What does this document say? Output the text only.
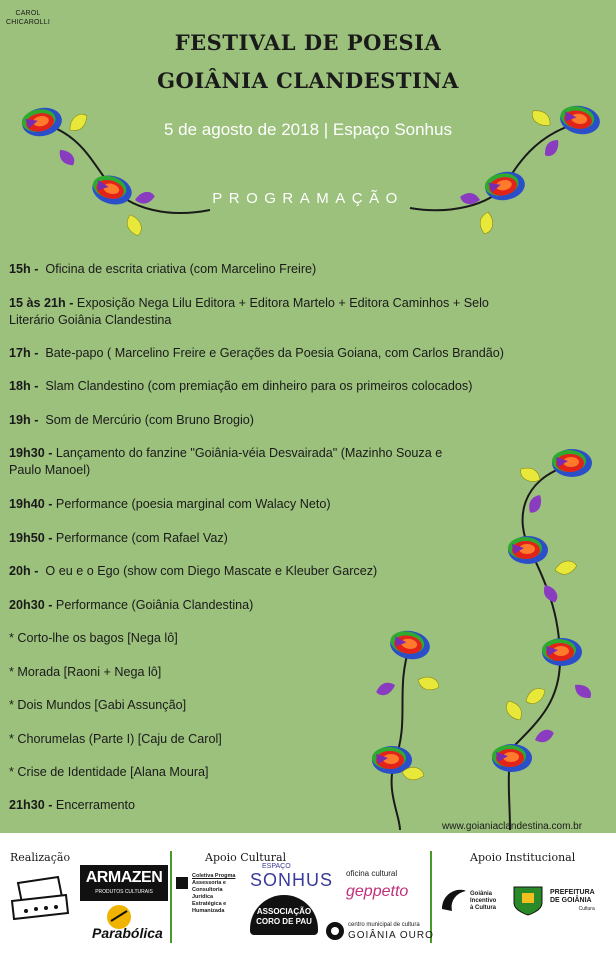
CAROL
CHICAROLLI
FESTIVAL DE POESIA
GOIÂNIA CLANDESTINA
5 de agosto de 2018 | Espaço Sonhus
PROGRAMAÇÃO
15h -  Oficina de escrita criativa (com Marcelino Freire)
15 às 21h - Exposição Nega Lilu Editora + Editora Martelo + Editora Caminhos + Selo
Literário Goiânia Clandestina
17h -  Bate-papo ( Marcelino Freire e Gerações da Poesia Goiana, com Carlos Brandão)
18h -  Slam Clandestino (com premiação em dinheiro para os primeiros colocados)
19h -  Som de Mercúrio (com Bruno Brogio)
19h30 - Lançamento do fanzine "Goiânia-véia Desvairada" (Mazinho Souza e
Paulo Manoel)
19h40 - Performance (poesia marginal com Walacy Neto)
19h50 - Performance (com Rafael Vaz)
20h -  O eu e o Ego (show com Diego Mascate e Kleuber Garcez)
20h30 - Performance (Goiânia Clandestina)
* Corto-lhe os bagos [Nega lô]
* Morada [Raoni + Nega lô]
* Dois Mundos [Gabi Assunção]
* Chorumelas (Parte I) [Caju de Carol]
* Crise de Identidade [Alana Moura]
21h30 - Encerramento
www.goianiaclandestina.com.br
Realização	Apoio Cultural	Apoio Institucional
ARMAZEN
PRODUTOS CULTURAIS
Parabólica
Coletiva Progma
Assessoria e
Consultoria
Jurídica
Estratégica e
Humanizada
ESPAÇO
SONHUS
ASSOCIAÇÃO
CORO DE PAU
oficina cultural
geppetto
centro municipal de cultura
GOIÂNIA OURO
Goiânia
Incentivo
à Cultura
PREFEITURA
DE GOIÂNIA
Cultura
